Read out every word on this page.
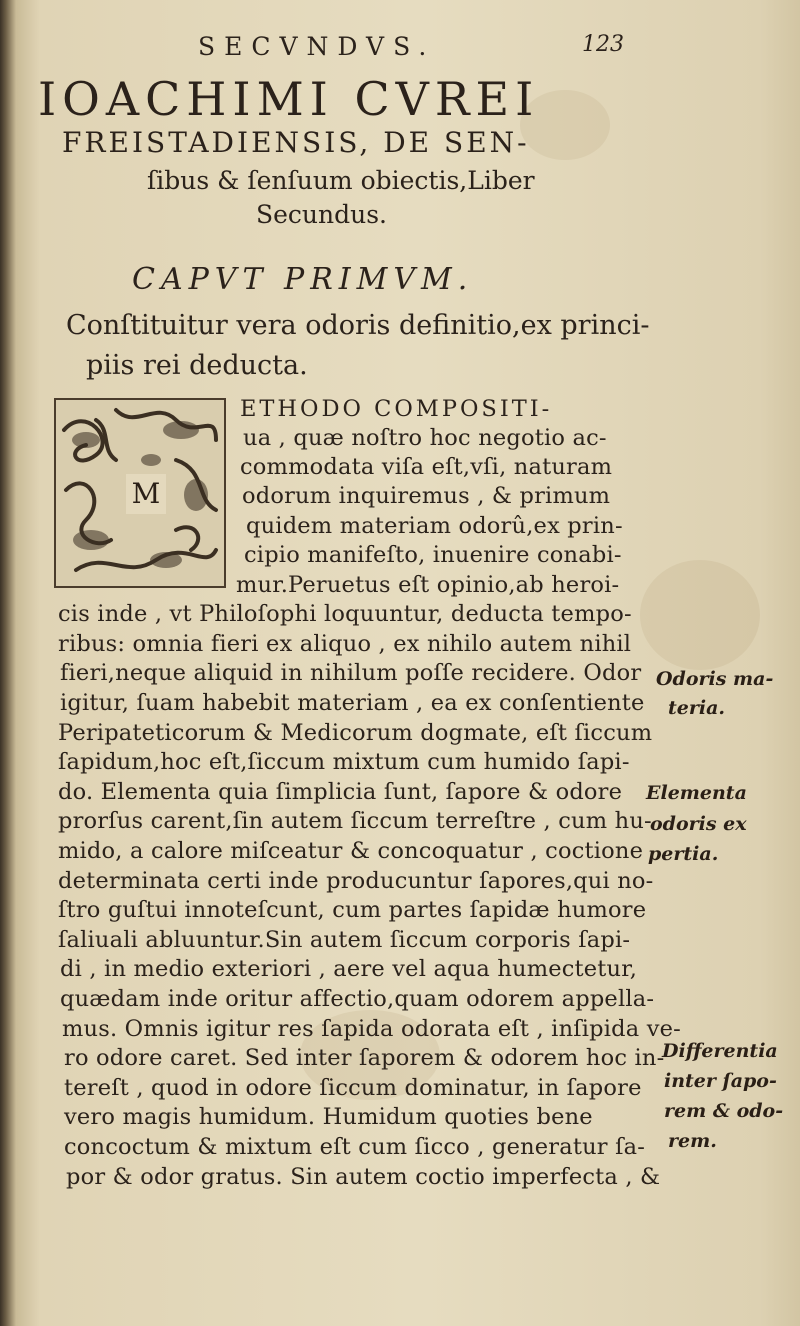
SECVNDVS.	123
IOACHIMI CVREI
FREISTADIENSIS, DE SEN-
ſibus & ſenſuum obiectis,Liber
Secundus.
CAPVT PRIMVM.
Conſtituitur vera odoris definitio,ex princi-
piis rei deducta.
M
ETHODO COMPOSITI-
ua , quæ noſtro hoc negotio ac-
commodata viſa eſt,vſi, naturam
odorum inquiremus , & primum
quidem materiam odorû,ex prin-
cipio manifeſto, inuenire conabi-
mur.Peruetus eſt opinio,ab heroi-
cis inde , vt Philoſophi loquuntur, deducta tempo-
ribus: omnia fieri ex aliquo , ex nihilo autem nihil
fieri,neque aliquid in nihilum poſſe recidere. Odor
igitur, ſuam habebit materiam , ea ex conſentiente
Peripateticorum & Medicorum dogmate, eſt ſiccum
ſapidum,hoc eſt,ſiccum mixtum cum humido ſapi-
do. Elementa quia ſimplicia ſunt, ſapore & odore
prorſus carent,ſin autem ſiccum terreſtre , cum hu-
mido, a calore miſceatur & concoquatur , coctione
determinata certi inde producuntur ſapores,qui no-
ſtro guſtui innoteſcunt, cum partes ſapidæ humore
ſaliuali abluuntur.Sin autem ſiccum corporis ſapi-
di , in medio exteriori , aere vel aqua humectetur,
quædam inde oritur affectio,quam odorem appella-
mus. Omnis igitur res ſapida odorata eſt , inſipida ve-
ro odore caret. Sed inter ſaporem & odorem hoc in-
tereſt , quod in odore ſiccum dominatur, in ſapore
vero magis humidum. Humidum quoties bene
concoctum & mixtum eſt cum ſicco , generatur ſa-
por & odor gratus. Sin autem coctio imperfecta , &
Odoris ma-
teria.
Elementa
odoris ex
pertia.
Differentia
inter ſapo-
rem & odo-
rem.
